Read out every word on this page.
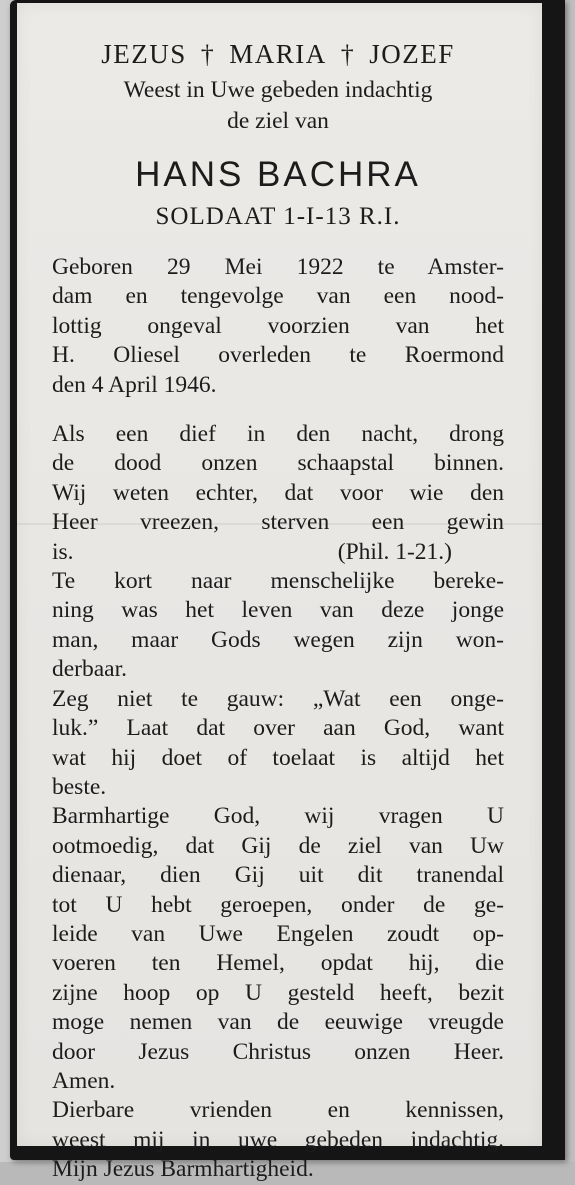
JEZUS † MARIA † JOZEF
Weest in Uwe gebeden indachtig
de ziel van
HANS BACHRA
SOLDAAT 1-I-13 R.I.
Geboren 29 Mei 1922 te Amster-
dam en tengevolge van een nood-
lottig ongeval voorzien van het
H. Oliesel overleden te Roermond
den 4 April 1946.
Als een dief in den nacht, drong
de dood onzen schaapstal binnen.
Wij weten echter, dat voor wie den
Heer vreezen, sterven een gewin
is.	(Phil. 1-21.)
Te kort naar menschelijke bereke-
ning was het leven van deze jonge
man, maar Gods wegen zijn won-
derbaar.
Zeg niet te gauw: „Wat een onge-
luk.” Laat dat over aan God, want
wat hij doet of toelaat is altijd het
beste.
Barmhartige God, wij vragen U
ootmoedig, dat Gij de ziel van Uw
dienaar, dien Gij uit dit tranendal
tot U hebt geroepen, onder de ge-
leide van Uwe Engelen zoudt op-
voeren ten Hemel, opdat hij, die
zijne hoop op U gesteld heeft, bezit
moge nemen van de eeuwige vreugde
door Jezus Christus onzen Heer.
Amen.
Dierbare vrienden en kennissen,
weest mij in uwe gebeden indachtig.
Mijn Jezus Barmhartigheid.
